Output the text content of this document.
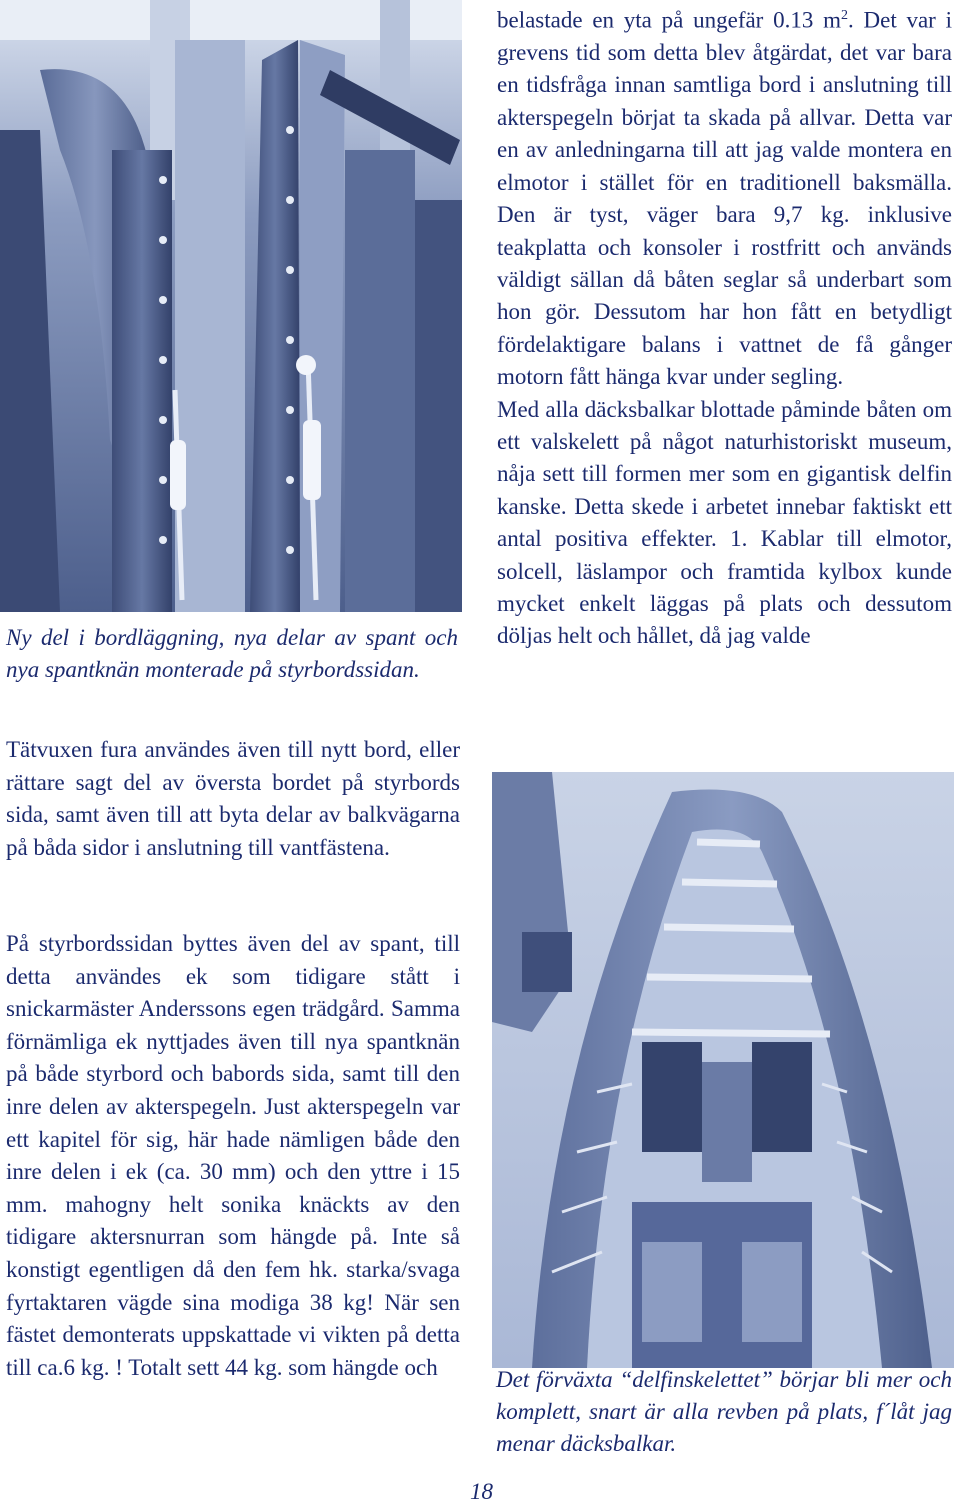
Ny del i bordläggning, nya delar av spant och nya spantknän monterade på styrbordssidan.

Tätvuxen fura användes även till nytt bord, eller rättare sagt del av översta bordet på styrbords sida, samt även till att byta delar av balkvägarna på båda sidor i anslutning till vantfästena.

På styrbordssidan byttes även del av spant, till detta användes ek som tidigare stått i snickarmäster Anderssons egen trädgård. Samma förnämliga ek nyttjades även till nya spantknän på både styrbord och babords sida, samt till den inre delen av akterspegeln. Just akterspegeln var ett kapitel för sig, här hade nämligen både den inre delen i ek (ca. 30 mm) och den yttre i 15 mm. mahogny helt sonika knäckts av den tidigare aktersnurran som hängde på. Inte så konstigt egentligen då den fem hk. starka/svaga fyrtaktaren vägde sina modiga 38 kg! När sen fästet demonterats uppskattade vi vikten på detta till ca.6 kg. ! Totalt sett 44 kg. som hängde och

belastade en yta på ungefär 0.13 $m^2$. Det var i grevens tid som detta blev åtgärdat, det var bara en tidsfråga innan samtliga bord i anslutning till akterspegeln börjat ta skada på allvar. Detta var en av anledningarna till att jag valde montera en elmotor i stället för en traditionell baksmälla. Den är tyst, väger bara 9,7 kg. inklusive teakplatta och konsoler i rostfritt och används väldigt sällan då båten seglar så underbart som hon gör. Dessutom har hon fått en betydligt fördelaktigare balans i vattnet de få gånger motorn fått hänga kvar under segling.

Med alla däcksbalkar blottade påminde båten om ett valskelett på något naturhistoriskt museum, nåja sett till formen mer som en gigantisk delfin kanske. Detta skede i arbetet innebar faktiskt ett antal positiva effekter. 1. Kablar till elmotor, solcell, läslampor och framtida kylbox kunde mycket enkelt läggas på plats och dessutom döljas helt och hållet, då jag valde

Det förväxta “delfinskelettet” börjar bli mer och komplett, snart är alla revben på plats, f´låt jag menar däcksbalkar.

18
